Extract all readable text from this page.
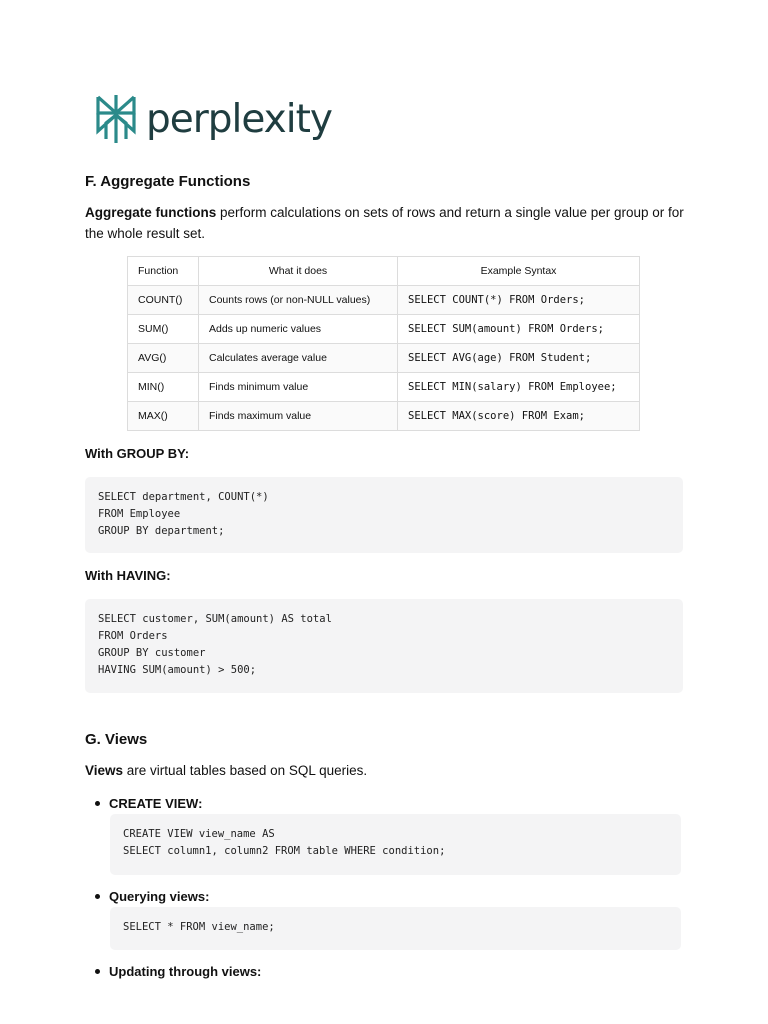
perplexity
F. Aggregate Functions

Aggregate functions perform calculations on sets of rows and return a single value per group or for the whole result set.

Function	What it does	Example Syntax
COUNT()	Counts rows (or non-NULL values)	SELECT COUNT(*) FROM Orders;
SUM()	Adds up numeric values	SELECT SUM(amount) FROM Orders;
AVG()	Calculates average value	SELECT AVG(age) FROM Student;
MIN()	Finds minimum value	SELECT MIN(salary) FROM Employee;
MAX()	Finds maximum value	SELECT MAX(score) FROM Exam;
With GROUP BY:
SELECT department, COUNT(*)
FROM Employee
GROUP BY department;
With HAVING:
SELECT customer, SUM(amount) AS total
FROM Orders
GROUP BY customer
HAVING SUM(amount) > 500;
G. Views

Views are virtual tables based on SQL queries.

CREATE VIEW:
CREATE VIEW view_name AS
SELECT column1, column2 FROM table WHERE condition;
Querying views:
SELECT * FROM view_name;
Updating through views:
